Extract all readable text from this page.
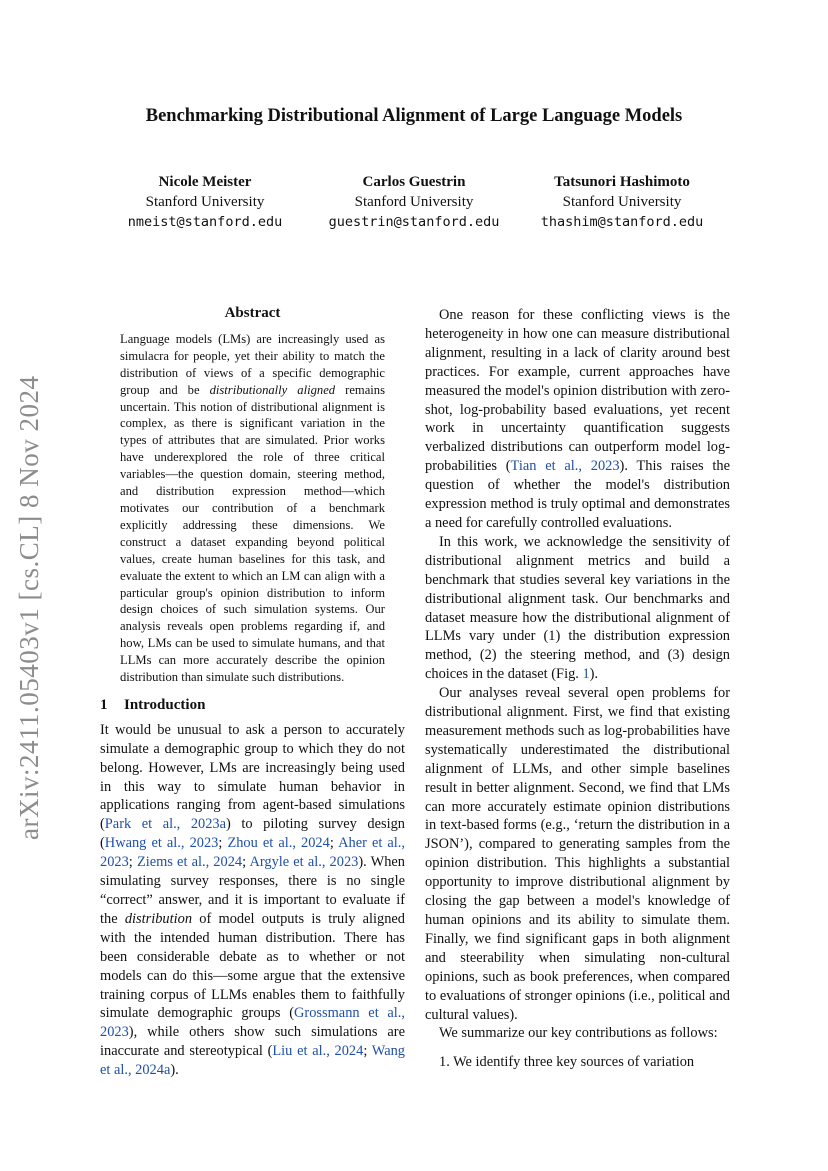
arXiv:2411.05403v1 [cs.CL] 8 Nov 2024
Benchmarking Distributional Alignment of Large Language Models
Nicole Meister
Stanford University
nmeist@stanford.edu
Carlos Guestrin
Stanford University
guestrin@stanford.edu
Tatsunori Hashimoto
Stanford University
thashim@stanford.edu
Abstract
Language models (LMs) are increasingly used as simulacra for people, yet their ability to match the distribution of views of a specific demographic group and be distributionally aligned remains uncertain. This notion of distributional alignment is complex, as there is significant variation in the types of attributes that are simulated. Prior works have underexplored the role of three critical variables—the question domain, steering method, and distribution expression method—which motivates our contribution of a benchmark explicitly addressing these dimensions. We construct a dataset expanding beyond political values, create human baselines for this task, and evaluate the extent to which an LM can align with a particular group's opinion distribution to inform design choices of such simulation systems. Our analysis reveals open problems regarding if, and how, LMs can be used to simulate humans, and that LLMs can more accurately describe the opinion distribution than simulate such distributions.
1 Introduction

It would be unusual to ask a person to accurately simulate a demographic group to which they do not belong. However, LMs are increasingly being used in this way to simulate human behavior in applications ranging from agent-based simulations (Park et al., 2023a) to piloting survey design (Hwang et al., 2023; Zhou et al., 2024; Aher et al., 2023; Ziems et al., 2024; Argyle et al., 2023). When simulating survey responses, there is no single “correct” answer, and it is important to evaluate if the distribution of model outputs is truly aligned with the intended human distribution. There has been considerable debate as to whether or not models can do this—some argue that the extensive training corpus of LLMs enables them to faithfully simulate demographic groups (Grossmann et al., 2023), while others show such simulations are inaccurate and stereotypical (Liu et al., 2024; Wang et al., 2024a).

One reason for these conflicting views is the heterogeneity in how one can measure distributional alignment, resulting in a lack of clarity around best practices. For example, current approaches have measured the model's opinion distribution with zero-shot, log-probability based evaluations, yet recent work in uncertainty quantification suggests verbalized distributions can outperform model log-probabilities (Tian et al., 2023). This raises the question of whether the model's distribution expression method is truly optimal and demonstrates a need for carefully controlled evaluations.

In this work, we acknowledge the sensitivity of distributional alignment metrics and build a benchmark that studies several key variations in the distributional alignment task. Our benchmarks and dataset measure how the distributional alignment of LLMs vary under (1) the distribution expression method, (2) the steering method, and (3) design choices in the dataset (Fig. 1).

Our analyses reveal several open problems for distributional alignment. First, we find that existing measurement methods such as log-probabilities have systematically underestimated the distributional alignment of LLMs, and other simple baselines result in better alignment. Second, we find that LMs can more accurately estimate opinion distributions in text-based forms (e.g., ‘return the distribution in a JSON’), compared to generating samples from the opinion distribution. This highlights a substantial opportunity to improve distributional alignment by closing the gap between a model's knowledge of human opinions and its ability to simulate them. Finally, we find significant gaps in both alignment and steerability when simulating non-cultural opinions, such as book preferences, when compared to evaluations of stronger opinions (i.e., political and cultural values).

We summarize our key contributions as follows:

1. We identify three key sources of variation
